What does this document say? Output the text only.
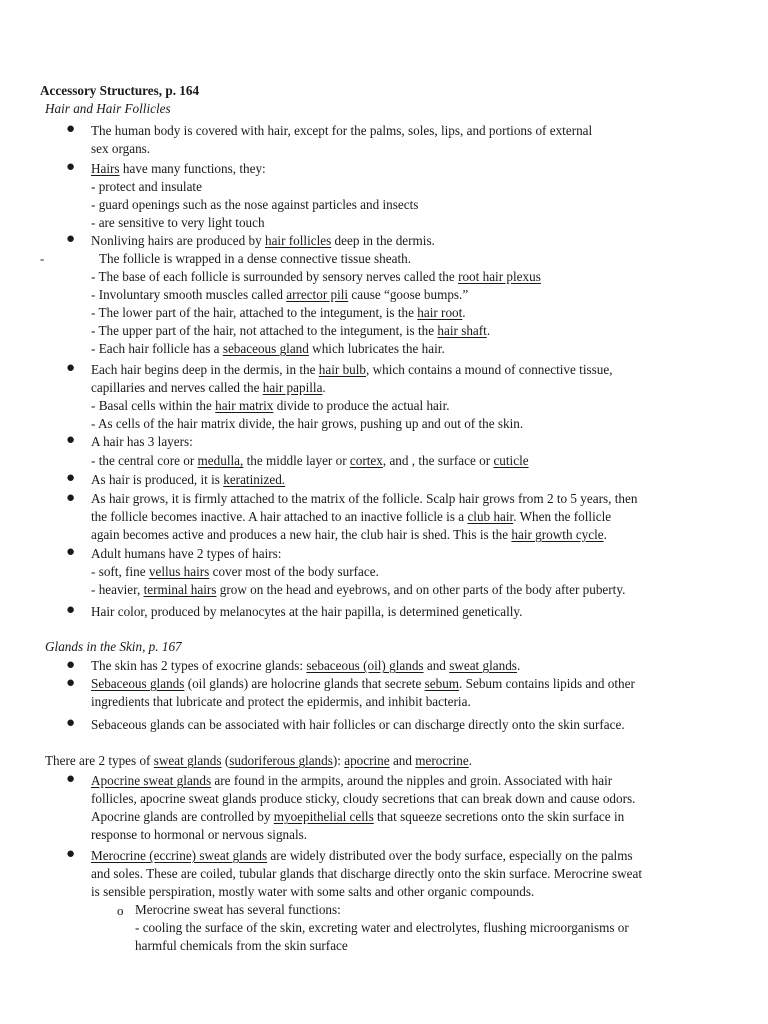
Accessory Structures, p. 164
Hair and Hair Follicles
● The human body is covered with hair, except for the palms, soles, lips, and portions of external
sex organs.
● Hairs have many functions, they:
- protect and insulate
- guard openings such as the nose against particles and insects
- are sensitive to very light touch
● Nonliving hairs are produced by hair follicles deep in the dermis.
-	The follicle is wrapped in a dense connective tissue sheath.
- The base of each follicle is surrounded by sensory nerves called the root hair plexus
- Involuntary smooth muscles called arrector pili cause “goose bumps.”
- The lower part of the hair, attached to the integument, is the hair root.
- The upper part of the hair, not attached to the integument, is the hair shaft.
- Each hair follicle has a sebaceous gland which lubricates the hair.
● Each hair begins deep in the dermis, in the hair bulb, which contains a mound of connective tissue,
capillaries and nerves called the hair papilla.
- Basal cells within the hair matrix divide to produce the actual hair.
- As cells of the hair matrix divide, the hair grows, pushing up and out of the skin.
● A hair has 3 layers:
- the central core or medulla, the middle layer or cortex, and , the surface or cuticle
● As hair is produced, it is keratinized.
● As hair grows, it is firmly attached to the matrix of the follicle. Scalp hair grows from 2 to 5 years, then
the follicle becomes inactive. A hair attached to an inactive follicle is a club hair. When the follicle
again becomes active and produces a new hair, the club hair is shed. This is the hair growth cycle.
● Adult humans have 2 types of hairs:
- soft, fine vellus hairs cover most of the body surface.
- heavier, terminal hairs grow on the head and eyebrows, and on other parts of the body after puberty.
● Hair color, produced by melanocytes at the hair papilla, is determined genetically.
Glands in the Skin, p. 167
● The skin has 2 types of exocrine glands: sebaceous (oil) glands and sweat glands.
● Sebaceous glands (oil glands) are holocrine glands that secrete sebum. Sebum contains lipids and other
ingredients that lubricate and protect the epidermis, and inhibit bacteria.
● Sebaceous glands can be associated with hair follicles or can discharge directly onto the skin surface.
There are 2 types of sweat glands (sudoriferous glands): apocrine and merocrine.
● Apocrine sweat glands are found in the armpits, around the nipples and groin. Associated with hair
follicles, apocrine sweat glands produce sticky, cloudy secretions that can break down and cause odors.
Apocrine glands are controlled by myoepithelial cells that squeeze secretions onto the skin surface in
response to hormonal or nervous signals.
● Merocrine (eccrine) sweat glands are widely distributed over the body surface, especially on the palms
and soles. These are coiled, tubular glands that discharge directly onto the skin surface. Merocrine sweat
is sensible perspiration, mostly water with some salts and other organic compounds.
o Merocrine sweat has several functions:
- cooling the surface of the skin, excreting water and electrolytes, flushing microorganisms or
harmful chemicals from the skin surface
